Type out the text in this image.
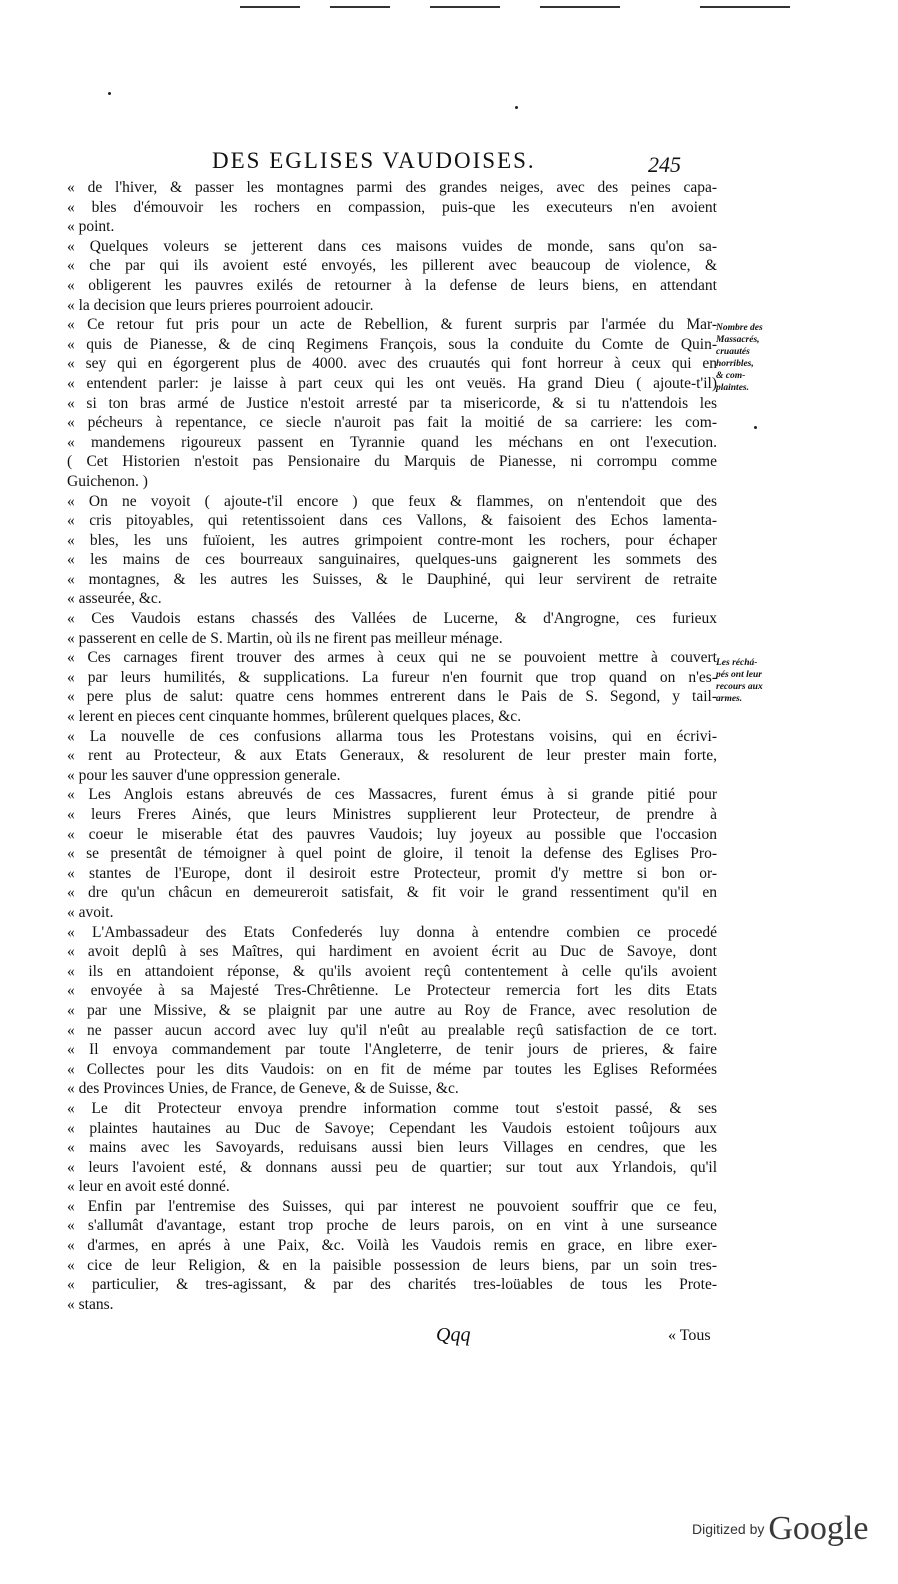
DES EGLISES VAUDOISES.	245
« de l'hiver, & passer les montagnes parmi des grandes neiges, avec des peines capa-
« bles d'émouvoir les rochers en compassion, puis-que les executeurs n'en avoient
« point.
« Quelques voleurs se jetterent dans ces maisons vuides de monde, sans qu'on sa-
« che par qui ils avoient esté envoyés, les pillerent avec beaucoup de violence, &
« obligerent les pauvres exilés de retourner à la defense de leurs biens, en attendant
« la decision que leurs prieres pourroient adoucir.
« Ce retour fut pris pour un acte de Rebellion, & furent surpris par l'armée du Mar-
« quis de Pianesse, & de cinq Regimens François, sous la conduite du Comte de Quin-
« sey qui en égorgerent plus de 4000. avec des cruautés qui font horreur à ceux qui en
« entendent parler: je laisse à part ceux qui les ont veuës. Ha grand Dieu ( ajoute-t'il)
« si ton bras armé de Justice n'estoit arresté par ta misericorde, & si tu n'attendois les
« pécheurs à repentance, ce siecle n'auroit pas fait la moitié de sa carriere: les com-
« mandemens rigoureux passent en Tyrannie quand les méchans en ont l'execution.
( Cet Historien n'estoit pas Pensionaire du Marquis de Pianesse, ni corrompu comme
Guichenon. )
« On ne voyoit ( ajoute-t'il encore ) que feux & flammes, on n'entendoit que des
« cris pitoyables, qui retentissoient dans ces Vallons, & faisoient des Echos lamenta-
« bles, les uns fuïoient, les autres grimpoient contre-mont les rochers, pour échaper
« les mains de ces bourreaux sanguinaires, quelques-uns gaignerent les sommets des
« montagnes, & les autres les Suisses, & le Dauphiné, qui leur servirent de retraite
« asseurée, &c.
« Ces Vaudois estans chassés des Vallées de Lucerne, & d'Angrogne, ces furieux
« passerent en celle de S. Martin, où ils ne firent pas meilleur ménage.
« Ces carnages firent trouver des armes à ceux qui ne se pouvoient mettre à couvert
« par leurs humilités, & supplications. La fureur n'en fournit que trop quand on n'es-
« pere plus de salut: quatre cens hommes entrerent dans le Pais de S. Segond, y tail-
« lerent en pieces cent cinquante hommes, brûlerent quelques places, &c.
« La nouvelle de ces confusions allarma tous les Protestans voisins, qui en écrivi-
« rent au Protecteur, & aux Etats Generaux, & resolurent de leur prester main forte,
« pour les sauver d'une oppression generale.
« Les Anglois estans abreuvés de ces Massacres, furent émus à si grande pitié pour
« leurs Freres Ainés, que leurs Ministres supplierent leur Protecteur, de prendre à
« coeur le miserable état des pauvres Vaudois; luy joyeux au possible que l'occasion
« se presentât de témoigner à quel point de gloire, il tenoit la defense des Eglises Pro-
« stantes de l'Europe, dont il desiroit estre Protecteur, promit d'y mettre si bon or-
« dre qu'un châcun en demeureroit satisfait, & fit voir le grand ressentiment qu'il en
« avoit.
« L'Ambassadeur des Etats Confederés luy donna à entendre combien ce procedé
« avoit deplû à ses Maîtres, qui hardiment en avoient écrit au Duc de Savoye, dont
« ils en attandoient réponse, & qu'ils avoient reçû contentement à celle qu'ils avoient
« envoyée à sa Majesté Tres-Chrêtienne. Le Protecteur remercia fort les dits Etats
« par une Missive, & se plaignit par une autre au Roy de France, avec resolution de
« ne passer aucun accord avec luy qu'il n'eût au prealable reçû satisfaction de ce tort.
« Il envoya commandement par toute l'Angleterre, de tenir jours de prieres, & faire
« Collectes pour les dits Vaudois: on en fit de méme par toutes les Eglises Reformées
« des Provinces Unies, de France, de Geneve, & de Suisse, &c.
« Le dit Protecteur envoya prendre information comme tout s'estoit passé, & ses
« plaintes hautaines au Duc de Savoye; Cependant les Vaudois estoient toûjours aux
« mains avec les Savoyards, reduisans aussi bien leurs Villages en cendres, que les
« leurs l'avoient esté, & donnans aussi peu de quartier; sur tout aux Yrlandois, qu'il
« leur en avoit esté donné.
« Enfin par l'entremise des Suisses, qui par interest ne pouvoient souffrir que ce feu,
« s'allumât d'avantage, estant trop proche de leurs parois, on en vint à une surseance
« d'armes, en aprés à une Paix, &c. Voilà les Vaudois remis en grace, en libre exer-
« cice de leur Religion, & en la paisible possession de leurs biens, par un soin tres-
« particulier, & tres-agissant, & par des charités tres-loüables de tous les Prote-
« stans.
Nombre des
Massacrés,
cruautés
horribles,
& com-
plaintes.
Les réchá-
pés ont leur
recours aux
armes.
Qqq	« Tous
Digitized by Google
